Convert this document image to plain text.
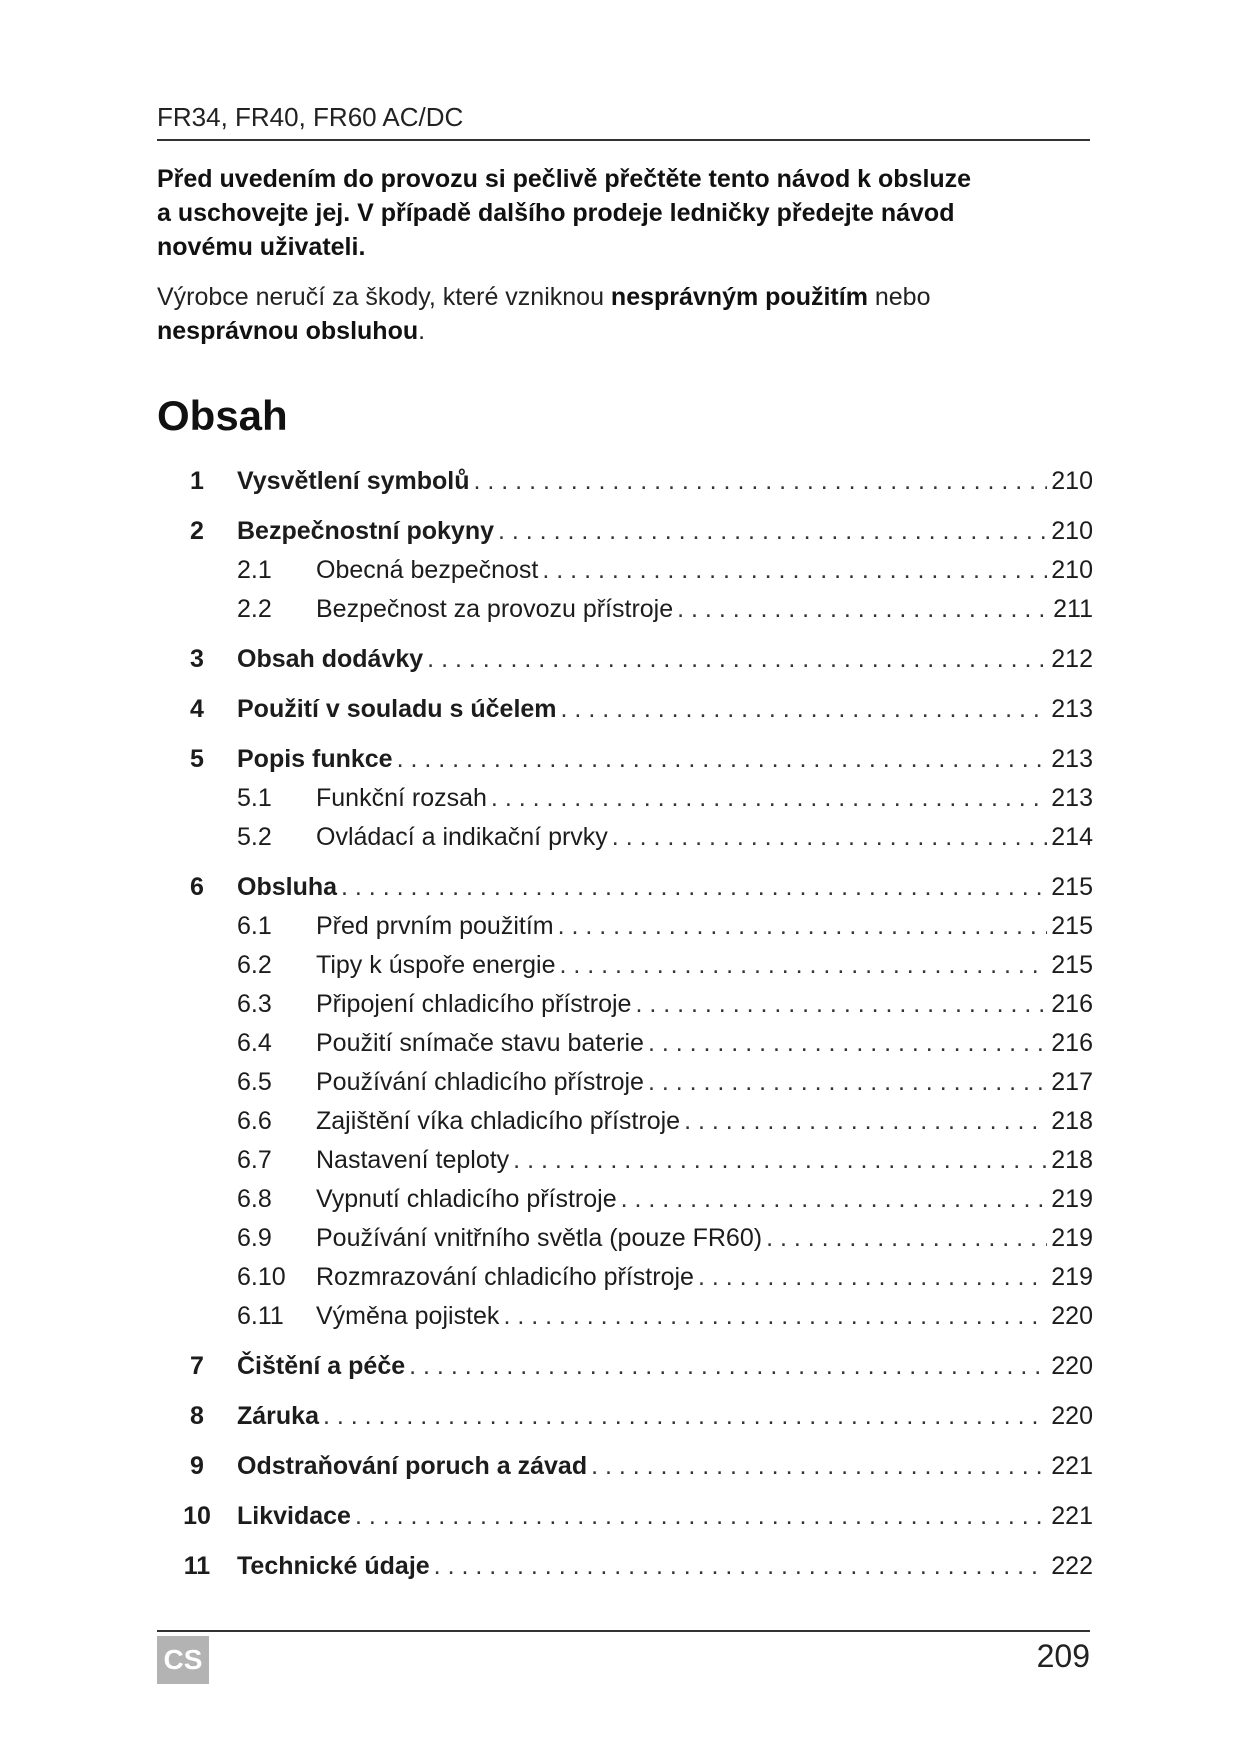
FR34, FR40, FR60 AC/DC

Před uvedením do provozu si pečlivě přečtěte tento návod k obsluze

a uschovejte jej. V případě dalšího prodeje ledničky předejte návod

novému uživateli.

Výrobce neručí za škody, které vzniknou nesprávným použitím nebo

nesprávnou obsluhou.

Obsah
1	Vysvětlení symbolů . . .	210
2	Bezpečnostní pokyny . . .	210
2.1	Obecná bezpečnost . . .	210
2.2	Bezpečnost za provozu přístroje . . .	211
3	Obsah dodávky . . .	212
4	Použití v souladu s účelem . . .	213
5	Popis funkce . . .	213
5.1	Funkční rozsah . . .	213
5.2	Ovládací a indikační prvky . . .	214
6	Obsluha . . .	215
6.1	Před prvním použitím . . .	215
6.2	Tipy k úspoře energie . . .	215
6.3	Připojení chladicího přístroje . . .	216
6.4	Použití snímače stavu baterie . . .	216
6.5	Používání chladicího přístroje . . .	217
6.6	Zajištění víka chladicího přístroje . . .	218
6.7	Nastavení teploty . . .	218
6.8	Vypnutí chladicího přístroje . . .	219
6.9	Používání vnitřního světla (pouze FR60) . . .	219
6.10	Rozmrazování chladicího přístroje . . .	219
6.11	Výměna pojistek . . .	220
7	Čištění a péče . . .	220
8	Záruka . . .	220
9	Odstraňování poruch a závad . . .	221
10	Likvidace . . .	221
11	Technické údaje . . .	222
CS	209
